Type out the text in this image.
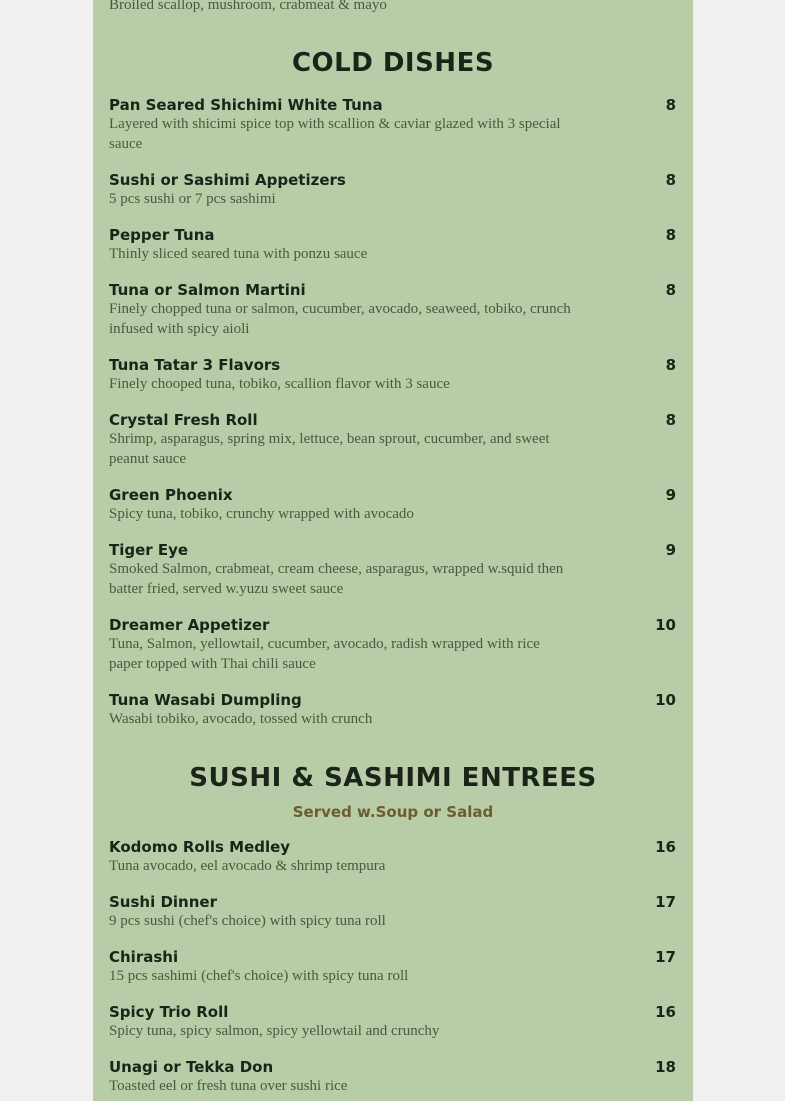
Broiled scallop, mushroom, crabmeat & mayo
COLD DISHES
Pan Seared Shichimi White Tuna	8
Layered with shicimi spice top with scallion & caviar glazed with 3 special sauce
Sushi or Sashimi Appetizers	8
5 pcs sushi or 7 pcs sashimi
Pepper Tuna	8
Thinly sliced seared tuna with ponzu sauce
Tuna or Salmon Martini	8
Finely chopped tuna or salmon, cucumber, avocado, seaweed, tobiko, crunch infused with spicy aioli
Tuna Tatar 3 Flavors	8
Finely chooped tuna, tobiko, scallion flavor with 3 sauce
Crystal Fresh Roll	8
Shrimp, asparagus, spring mix, lettuce, bean sprout, cucumber, and sweet peanut sauce
Green Phoenix	9
Spicy tuna, tobiko, crunchy wrapped with avocado
Tiger Eye	9
Smoked Salmon, crabmeat, cream cheese, asparagus, wrapped w.squid then batter fried, served w.yuzu sweet sauce
Dreamer Appetizer	10
Tuna, Salmon, yellowtail, cucumber, avocado, radish wrapped with rice paper topped with Thai chili sauce
Tuna Wasabi Dumpling	10
Wasabi tobiko, avocado, tossed with crunch
SUSHI & SASHIMI ENTREES
Served w.Soup or Salad
Kodomo Rolls Medley	16
Tuna avocado, eel avocado & shrimp tempura
Sushi Dinner	17
9 pcs sushi (chef's choice) with spicy tuna roll
Chirashi	17
15 pcs sashimi (chef's choice) with spicy tuna roll
Spicy Trio Roll	16
Spicy tuna, spicy salmon, spicy yellowtail and crunchy
Unagi or Tekka Don	18
Toasted eel or fresh tuna over sushi rice
